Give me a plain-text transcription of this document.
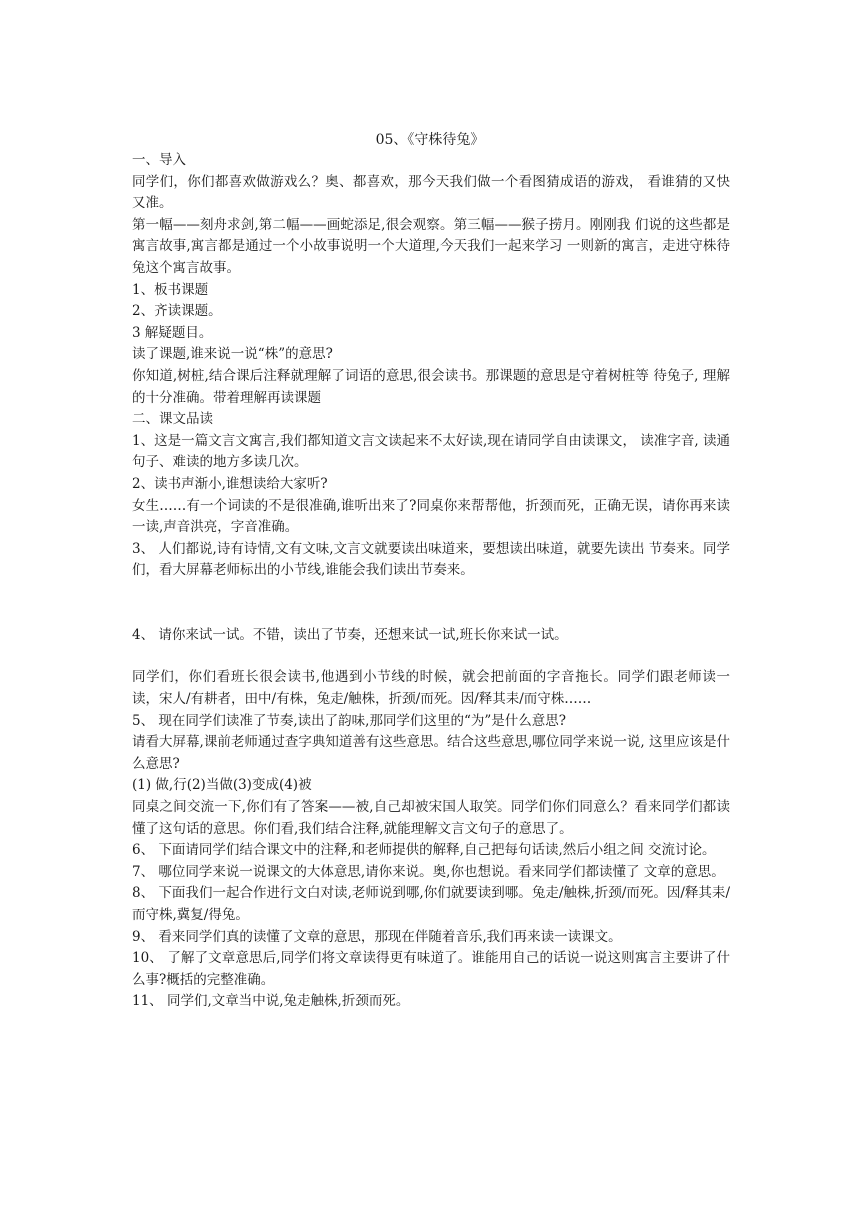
05、《守株待兔》

一、导入

同学们，你们都喜欢做游戏么？奥、都喜欢，那今天我们做一个看图猜成语的游戏， 看谁猜的又快又准。

第一幅——刻舟求剑,第二幅——画蛇添足,很会观察。第三幅——猴子捞月。刚刚我 们说的这些都是寓言故事,寓言都是通过一个小故事说明一个大道理,今天我们一起来学习 一则新的寓言，走进守株待兔这个寓言故事。

1、板书课题

2、齐读课题。

3 解疑题目。

读了课题,谁来说一说“株”的意思?

你知道,树桩,结合课后注释就理解了词语的意思,很会读书。那课题的意思是守着树桩等 待兔子, 理解的十分准确。带着理解再读课题

二、课文品读

1、这是一篇文言文寓言,我们都知道文言文读起来不太好读,现在请同学自由读课文， 读准字音, 读通句子、难读的地方多读几次。

2、读书声渐小,谁想读给大家听?

女生……有一个词读的不是很准确,谁听出来了?同桌你来帮帮他，折颈而死，正确无误，请你再来读一读,声音洪亮，字音准确。

3、 人们都说,诗有诗情,文有文味,文言文就要读出味道来，要想读出味道，就要先读出 节奏来。同学们，看大屏幕老师标出的小节线,谁能会我们读出节奏来。

4、 请你来试一试。不错，读出了节奏，还想来试一试,班长你来试一试。

同学们，你们看班长很会读书,他遇到小节线的时候，就会把前面的字音拖长。同学们跟老师读一读，宋人/有耕者，田中/有株，兔走/触株，折颈/而死。因/释其耒/而守株……

5、 现在同学们读准了节奏,读出了韵味,那同学们这里的“为”是什么意思?

请看大屏幕,课前老师通过查字典知道善有这些意思。结合这些意思,哪位同学来说一说, 这里应该是什么意思?

(1) 做,行(2)当做(3)变成(4)被

同桌之间交流一下,你们有了答案——被,自己却被宋国人取笑。同学们你们同意么？看来同学们都读懂了这句话的意思。你们看,我们结合注释,就能理解文言文句子的意思了。

6、 下面请同学们结合课文中的注释,和老师提供的解释,自己把每句话读,然后小组之间 交流讨论。

7、 哪位同学来说一说课文的大体意思,请你来说。奥,你也想说。看来同学们都读懂了 文章的意思。

8、 下面我们一起合作进行文白对读,老师说到哪,你们就要读到哪。兔走/触株,折颈/而死。因/释其耒/而守株,冀复/得兔。

9、 看来同学们真的读懂了文章的意思，那现在伴随着音乐,我们再来读一读课文。

10、 了解了文章意思后,同学们将文章读得更有味道了。谁能用自己的话说一说这则寓言主要讲了什么事?概括的完整准确。

11、 同学们,文章当中说,兔走触株,折颈而死。
